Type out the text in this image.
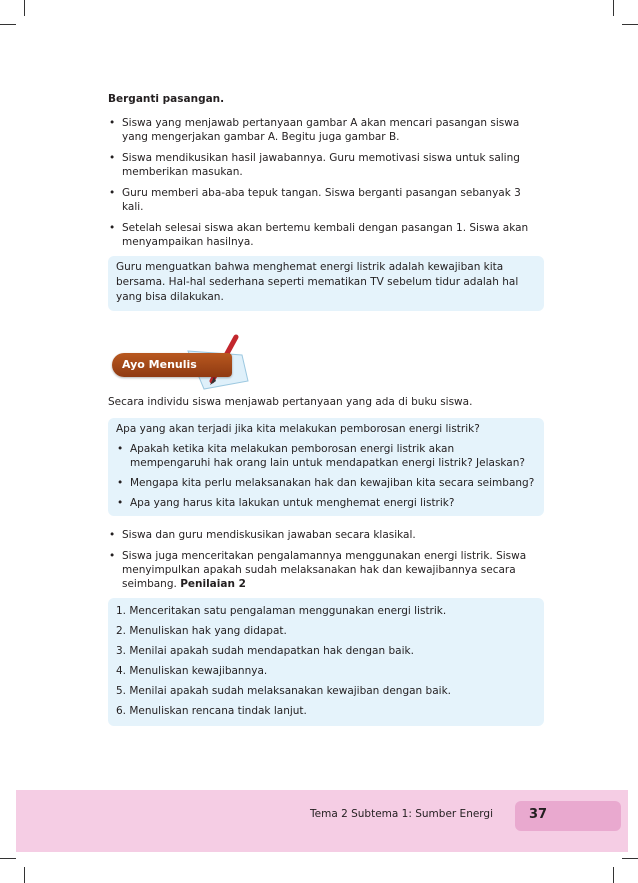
Berganti pasangan.
• Siswa yang menjawab pertanyaan gambar A akan mencari pasangan siswa yang mengerjakan gambar A. Begitu juga gambar B.
• Siswa mendikusikan hasil jawabannya. Guru memotivasi siswa untuk saling memberikan masukan.
• Guru memberi aba-aba tepuk tangan. Siswa berganti pasangan sebanyak 3 kali.
• Setelah selesai siswa akan bertemu kembali dengan pasangan 1. Siswa akan menyampaikan hasilnya.

Guru menguatkan bahwa menghemat energi listrik adalah kewajiban kita bersama. Hal-hal sederhana seperti mematikan TV sebelum tidur adalah hal yang bisa dilakukan.

Ayo Menulis
Secara individu siswa menjawab pertanyaan yang ada di buku siswa.

Apa yang akan terjadi jika kita melakukan pemborosan energi listrik?

• Apakah ketika kita melakukan pemborosan energi listrik akan mempengaruhi hak orang lain untuk mendapatkan energi listrik? Jelaskan?
• Mengapa kita perlu melaksanakan hak dan kewajiban kita secara seimbang?
• Apa yang harus kita lakukan untuk menghemat energi listrik?
• Siswa dan guru mendiskusikan jawaban secara klasikal.
• Siswa juga menceritakan pengalamannya menggunakan energi listrik. Siswa menyimpulkan apakah sudah melaksanakan hak dan kewajibannya secara seimbang. Penilaian 2
1. Menceritakan satu pengalaman menggunakan energi listrik.
2. Menuliskan hak yang didapat.
3. Menilai apakah sudah mendapatkan hak dengan baik.
4. Menuliskan kewajibannya.
5. Menilai apakah sudah melaksanakan kewajiban dengan baik.
6. Menuliskan rencana tindak lanjut.
Tema 2 Subtema 1: Sumber Energi	37
